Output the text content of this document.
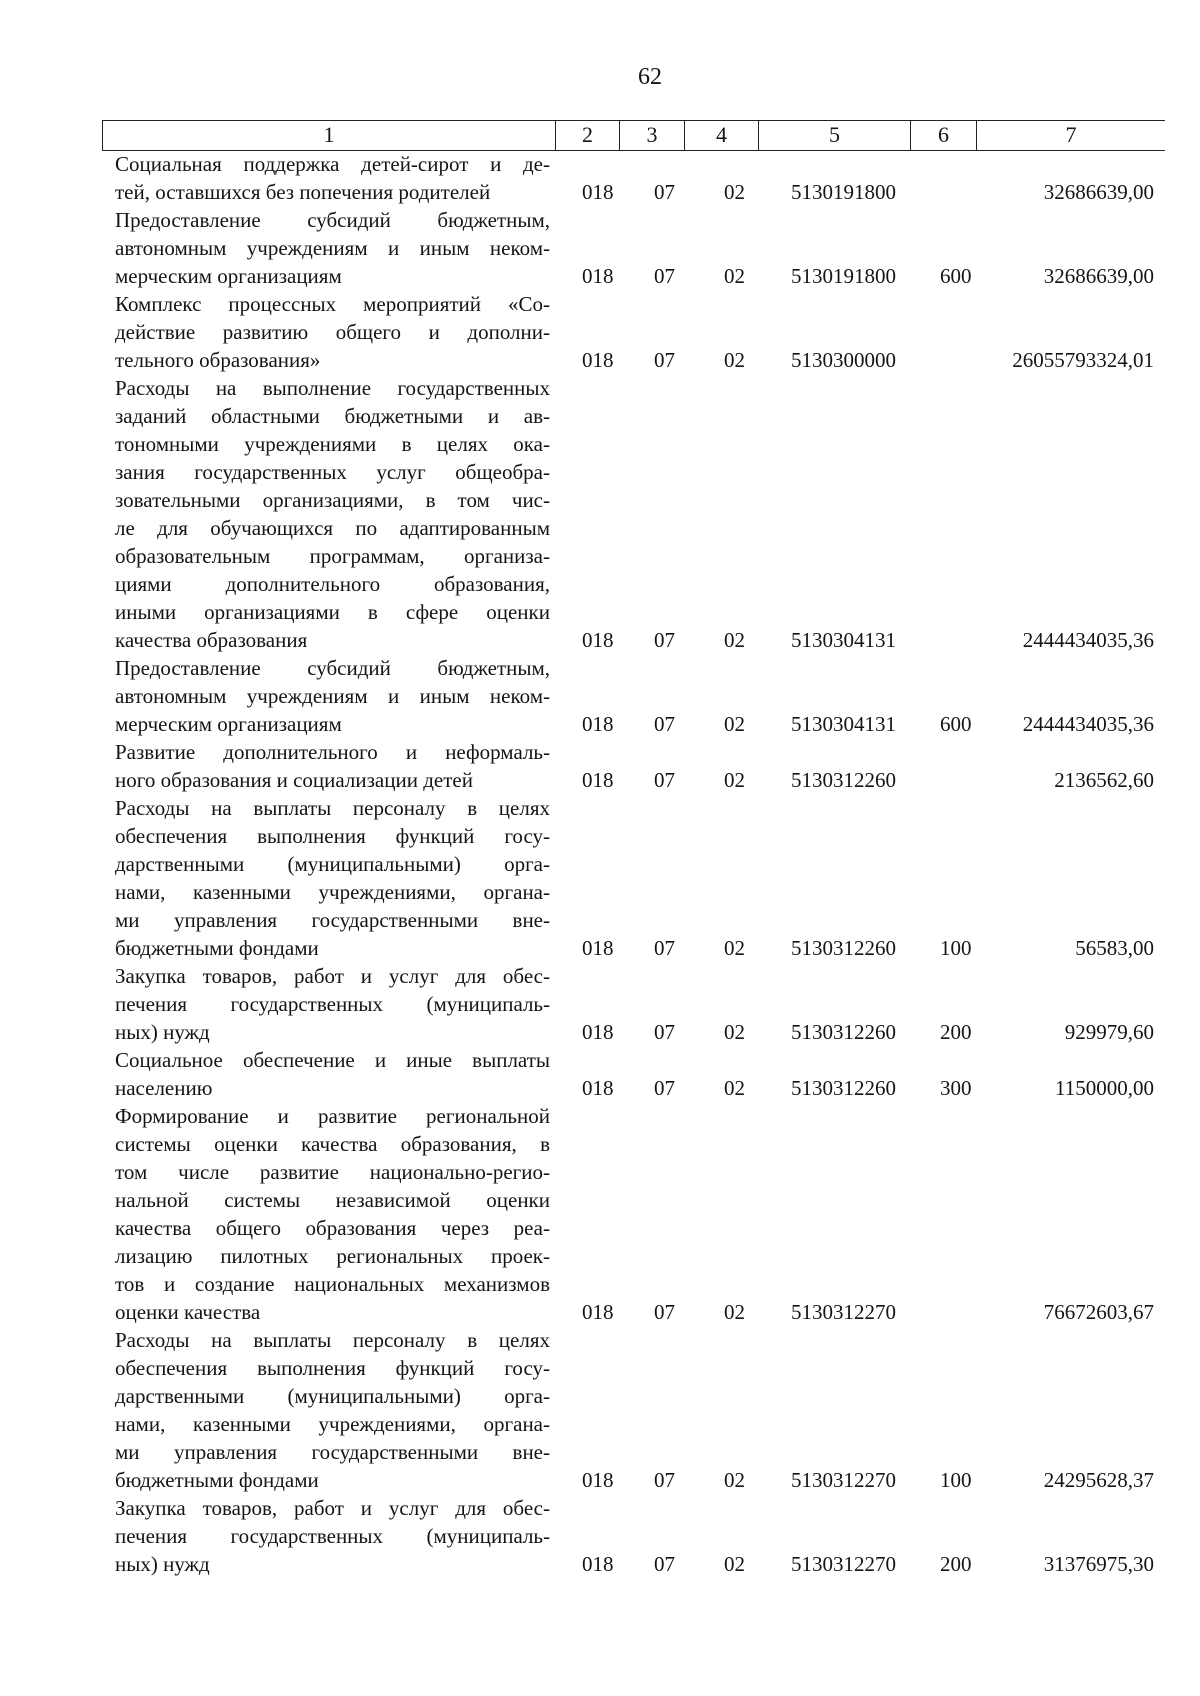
62
1	2	3	4	5	6	7
Социальная поддержка детей-сирот и де-
тей, оставшихся без попечения родителей	018 07 02 5130191800	32686639,00
Предоставление субсидий бюджетным,
автономным учреждениям и иным неком-
мерческим организациям	018 07 02 5130191800 600	32686639,00
Комплекс процессных мероприятий «Со-
действие развитию общего и дополни-
тельного образования»	018 07 02 5130300000	26055793324,01
Расходы на выполнение государственных
заданий областными бюджетными и ав-
тономными учреждениями в целях ока-
зания государственных услуг общеобра-
зовательными организациями, в том чис-
ле для обучающихся по адаптированным
образовательным программам, организа-
циями дополнительного образования,
иными организациями в сфере оценки
качества образования	018 07 02 5130304131	2444434035,36
Предоставление субсидий бюджетным,
автономным учреждениям и иным неком-
мерческим организациям	018 07 02 5130304131 600 2444434035,36
Развитие дополнительного и неформаль-
ного образования и социализации детей	018 07 02 5130312260	2136562,60
Расходы на выплаты персоналу в целях
обеспечения выполнения функций госу-
дарственными (муниципальными) орга-
нами, казенными учреждениями, органа-
ми управления государственными вне-
бюджетными фондами	018 07 02 5130312260 100	56583,00
Закупка товаров, работ и услуг для обес-
печения государственных (муниципаль-
ных) нужд	018 07 02 5130312260 200	929979,60
Социальное обеспечение и иные выплаты
населению	018 07 02 5130312260 300	1150000,00
Формирование и развитие региональной
системы оценки качества образования, в
том числе развитие национально-регио-
нальной системы независимой оценки
качества общего образования через реа-
лизацию пилотных региональных проек-
тов и создание национальных механизмов
оценки качества	018 07 02 5130312270	76672603,67
Расходы на выплаты персоналу в целях
обеспечения выполнения функций госу-
дарственными (муниципальными) орга-
нами, казенными учреждениями, органа-
ми управления государственными вне-
бюджетными фондами	018 07 02 5130312270 100	24295628,37
Закупка товаров, работ и услуг для обес-
печения государственных (муниципаль-
ных) нужд	018 07 02 5130312270 200	31376975,30
